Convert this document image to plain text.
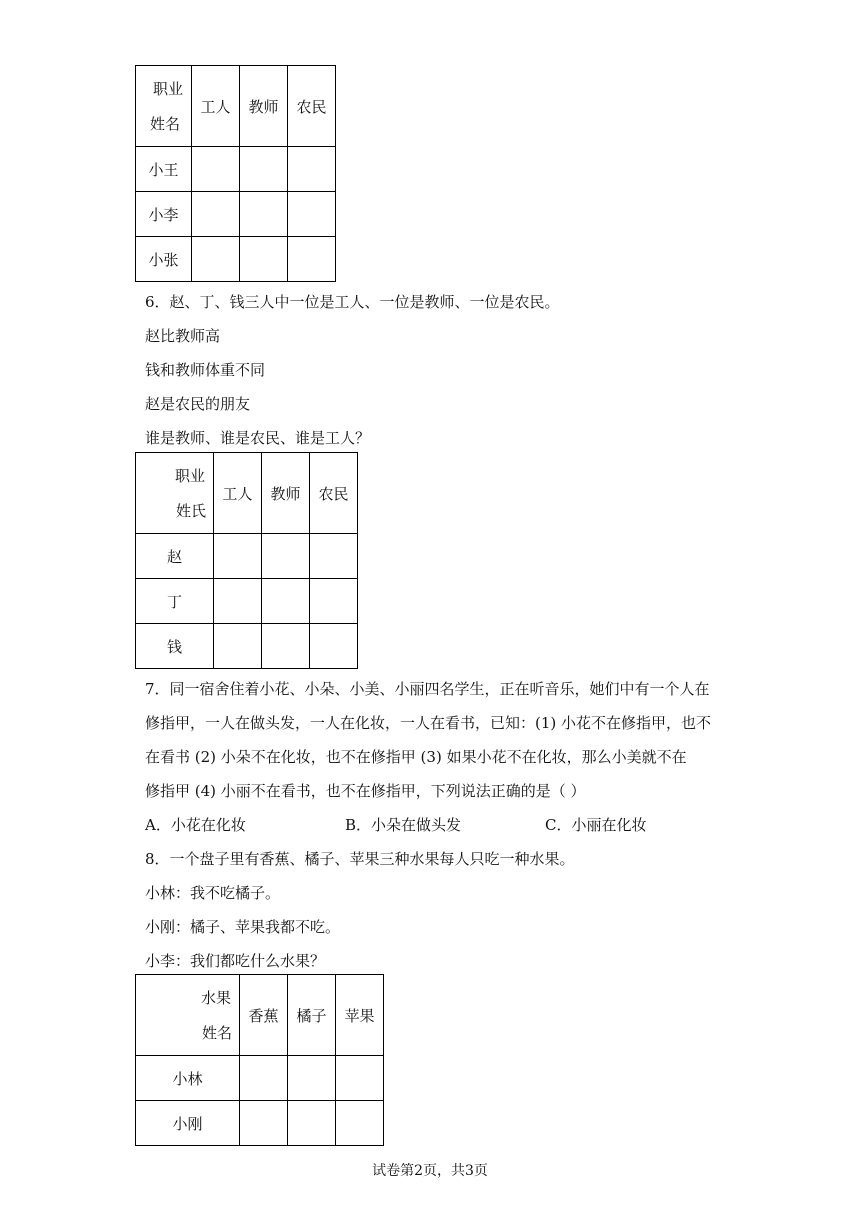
职业
姓名	工人	教师	农民
小王			
小李			
小张			
6．赵、丁、钱三人中一位是工人、一位是教师、一位是农民。
赵比教师高
钱和教师体重不同
赵是农民的朋友
谁是教师、谁是农民、谁是工人？
职业
姓氏	工人	教师	农民
赵			
丁			
钱			
7．同一宿舍住着小花、小朵、小美、小丽四名学生，正在听音乐，她们中有一个人在
修指甲，一人在做头发，一人在化妆，一人在看书，已知：(1) 小花不在修指甲，也不
在看书 (2) 小朵不在化妆，也不在修指甲 (3) 如果小花不在化妆，那么小美就不在
修指甲 (4) 小丽不在看书，也不在修指甲，下列说法正确的是（ ）
A．小花在化妆	B．小朵在做头发	C．小丽在化妆
8．一个盘子里有香蕉、橘子、苹果三种水果每人只吃一种水果。
小林：我不吃橘子。
小刚：橘子、苹果我都不吃。
小李：我们都吃什么水果？
水果
姓名	香蕉	橘子	苹果
小林			
小刚			
试卷第2页，共3页
